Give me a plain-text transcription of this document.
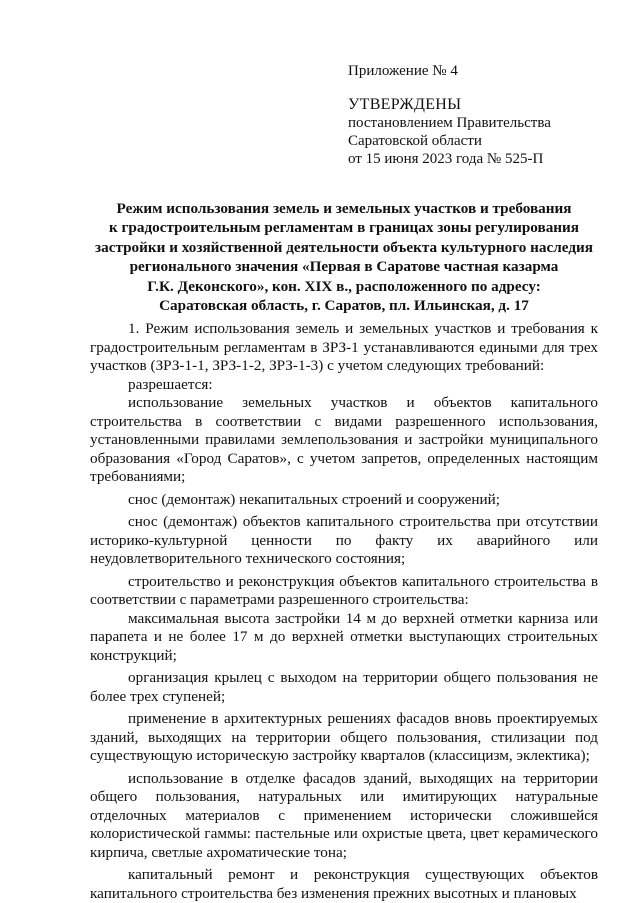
Приложение № 4
УТВЕРЖДЕНЫ
постановлением Правительства
Саратовской области
от 15 июня 2023 года № 525-П
Режим использования земель и земельных участков и требования
к градостроительным регламентам в границах зоны регулирования
застройки и хозяйственной деятельности объекта культурного наследия
регионального значения «Первая в Саратове частная казарма
Г.К. Деконского», кон. XIX в., расположенного по адресу:
Саратовская область, г. Саратов, пл. Ильинская, д. 17

1. Режим использования земель и земельных участков и требования к градостроительным регламентам в ЗРЗ-1 устанавливаются едиными для трех участков (ЗРЗ-1-1, ЗРЗ-1-2, ЗРЗ-1-3) с учетом следующих требований:

разрешается:

использование земельных участков и объектов капитального строительства в соответствии с видами разрешенного использования, установленными правилами землепользования и застройки муниципального образования «Город Саратов», с учетом запретов, определенных настоящим требованиями;

снос (демонтаж) некапитальных строений и сооружений;

снос (демонтаж) объектов капитального строительства при отсутствии историко-культурной ценности по факту их аварийного или неудовлетворительного технического состояния;

строительство и реконструкция объектов капитального строительства в соответствии с параметрами разрешенного строительства:

максимальная высота застройки 14 м до верхней отметки карниза или парапета и не более 17 м до верхней отметки выступающих строительных конструкций;

организация крылец с выходом на территории общего пользования не более трех ступеней;

применение в архитектурных решениях фасадов вновь проектируемых зданий, выходящих на территории общего пользования, стилизации под существующую историческую застройку кварталов (классицизм, эклектика);

использование в отделке фасадов зданий, выходящих на территории общего пользования, натуральных или имитирующих натуральные отделочных материалов с применением исторически сложившейся колористической гаммы: пастельные или охристые цвета, цвет керамического кирпича, светлые ахроматические тона;

капитальный ремонт и реконструкция существующих объектов капитального строительства без изменения прежних высотных и плановых
